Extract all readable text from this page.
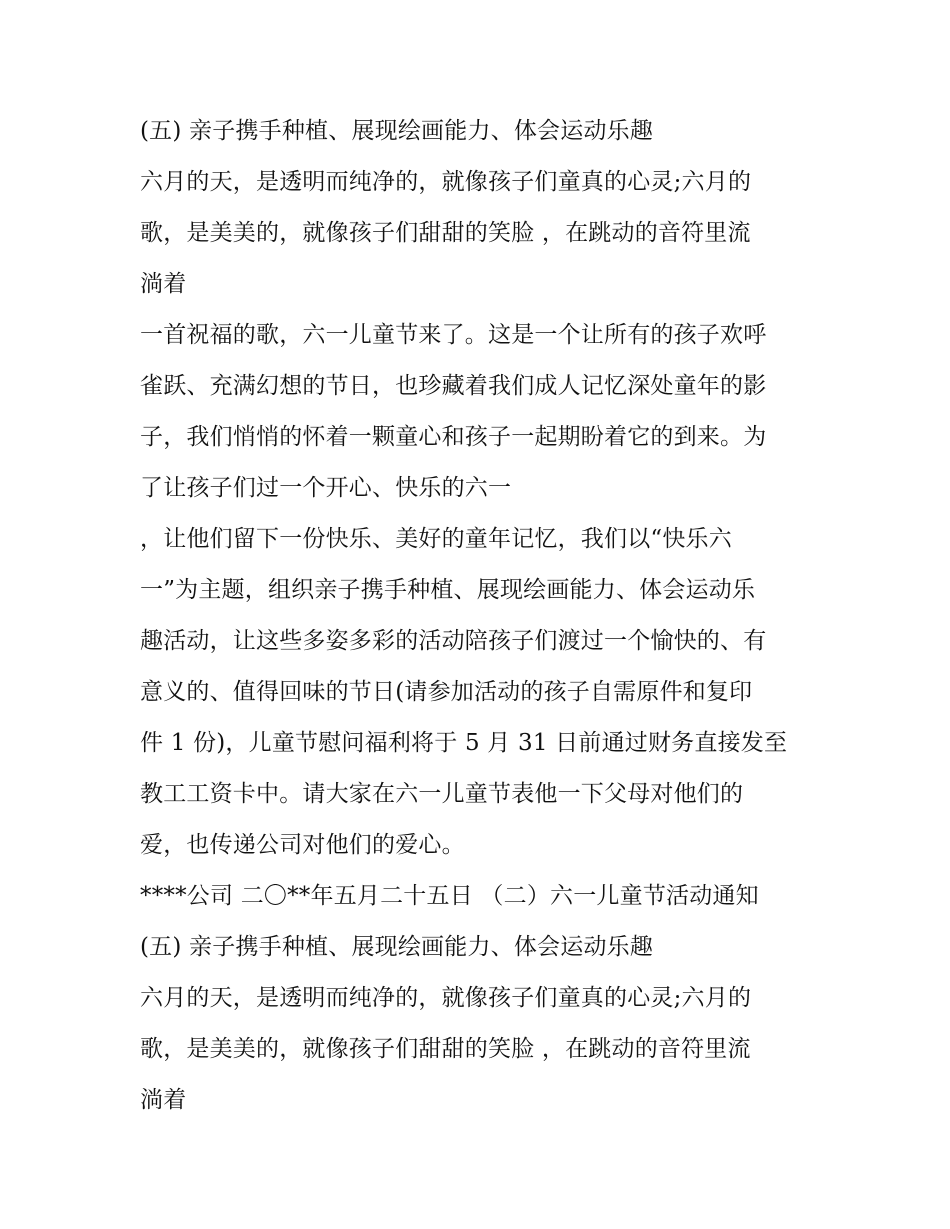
(五) 亲子携手种植、展现绘画能力、体会运动乐趣
六月的天，是透明而纯净的，就像孩子们童真的心灵;六月的
歌，是美美的，就像孩子们甜甜的笑脸 ，在跳动的音符里流
淌着
一首祝福的歌，六一儿童节来了。这是一个让所有的孩子欢呼
雀跃、充满幻想的节日，也珍藏着我们成人记忆深处童年的影
子，我们悄悄的怀着一颗童心和孩子一起期盼着它的到来。为
了让孩子们过一个开心、快乐的六一
，让他们留下一份快乐、美好的童年记忆，我们以“快乐六
一”为主题，组织亲子携手种植、展现绘画能力、体会运动乐
趣活动，让这些多姿多彩的活动陪孩子们渡过一个愉快的、有
意义的、值得回味的节日(请参加活动的孩子自需原件和复印
件 1 份)，儿童节慰问福利将于 5 月 31 日前通过财务直接发至
教工工资卡中。请大家在六一儿童节表他一下父母对他们的
爱，也传递公司对他们的爱心。
****公司 二〇**年五月二十五日 （二）六一儿童节活动通知
(五) 亲子携手种植、展现绘画能力、体会运动乐趣
六月的天，是透明而纯净的，就像孩子们童真的心灵;六月的
歌，是美美的，就像孩子们甜甜的笑脸 ，在跳动的音符里流
淌着
